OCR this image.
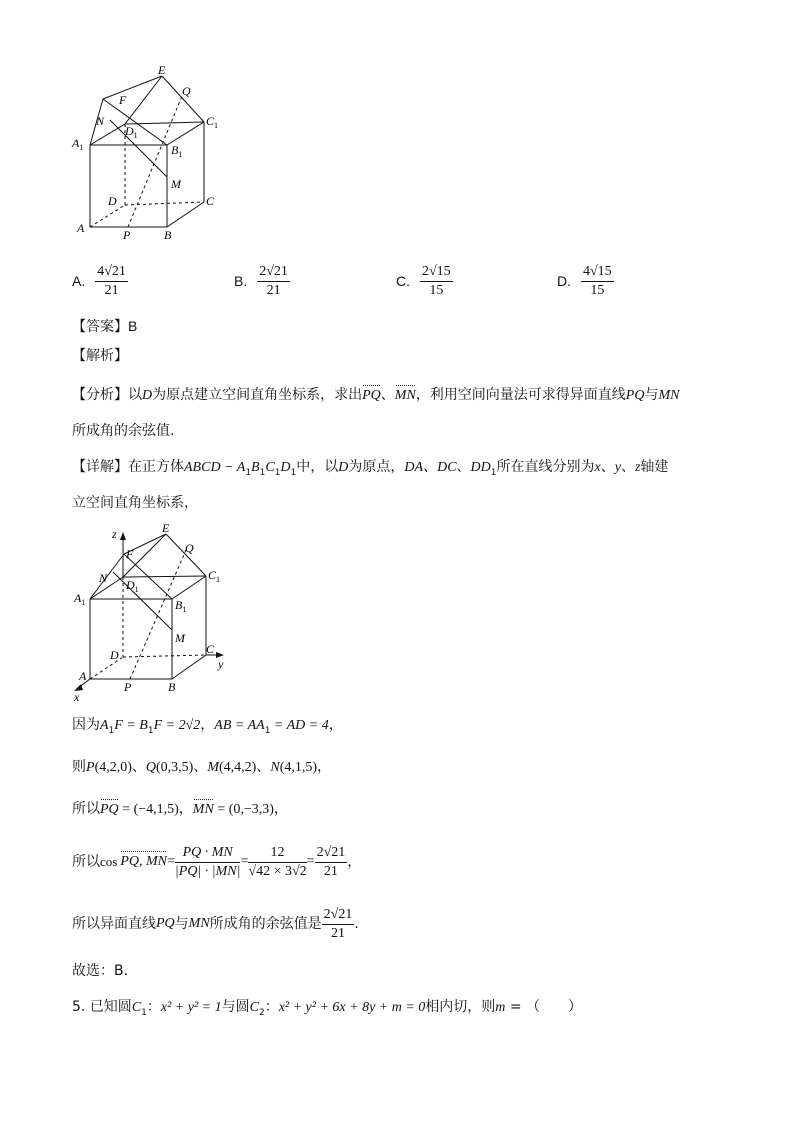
E
Q
F
N
$D_1$
$C_1$
$A_1$	$B_1$
M
D	C
A	P	B
A. $\frac{4√21}{21}$	B. $\frac{2√21}{21}$	C. $\frac{2√15}{15}$	D. $\frac{4√15}{15}$
【答案】B
【解析】
【分析】以D为原点建立空间直角坐标系，求出PQ、MN，利用空间向量法可求得异面直线PQ与MN
所成角的余弦值.
【详解】在正方体ABCD − $A_1B_1C_1D_1$中，以D为原点，DA、DC、$DD_1$所在直线分别为x、y、z轴建
立空间直角坐标系，
z	E
Q
F
N $D_1$
$C_1$
$A_1$	$B_1$
M
D	C
y
A
P	B
x
因为$A_1F = B_1F = 2√2$，AB = $AA_1$ = AD = 4，
则P(4,2,0)、Q(0,3,5)、M(4,4,2)、N(4,1,5)，
所以PQ = (−4,1,5)，MN = (0,−3,3)，
所以 cos PQ, MN = $\frac{PQ \cdot MN}{|PQ| \cdot |MN|} = \frac{12}{√42 \times 3√2} = \frac{2√21}{21}$ ，
所以异面直线 PQ 与 MN 所成角的余弦值是 $\frac{2√21}{21}$ .
故选：B.
5. 已知圆$C_1$：x² + y² = 1与圆$C_2$：x² + y² + 6x + 8y + m = 0相内切，则m = （　　）
